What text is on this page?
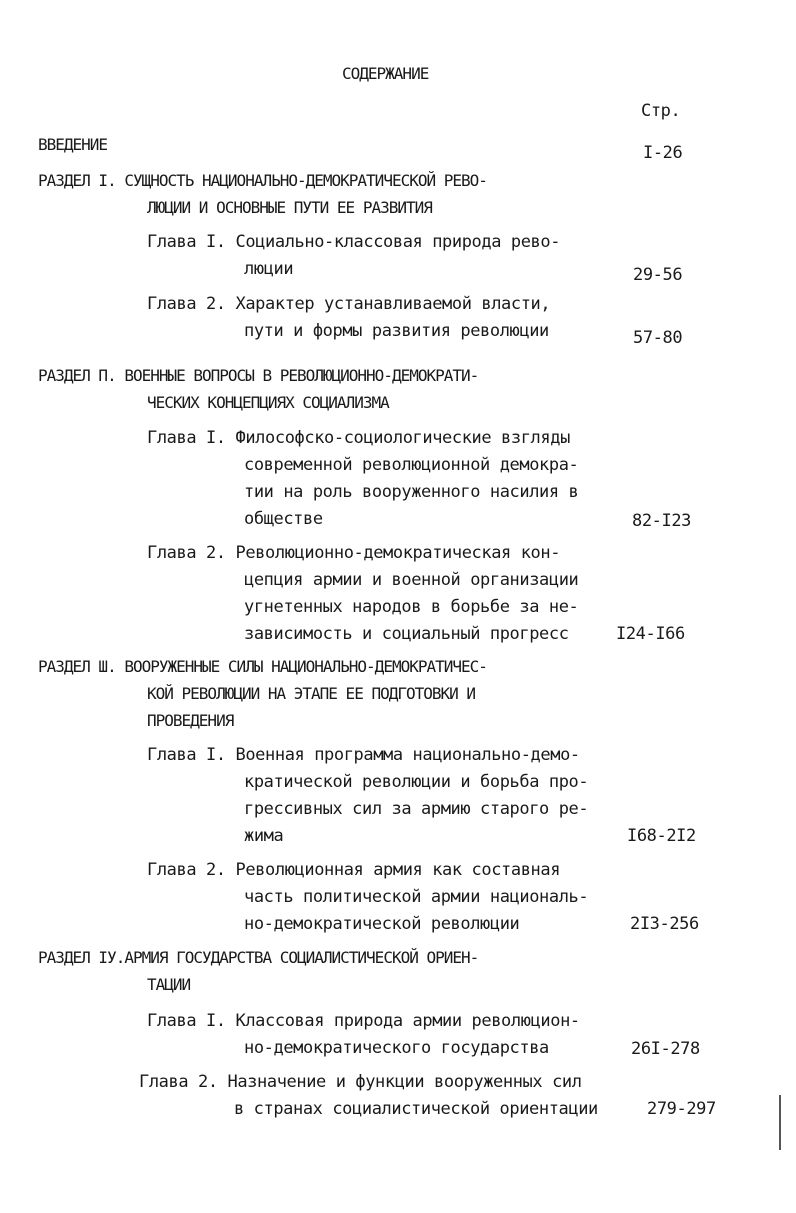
СОДЕРЖАНИЕ
Стр.
ВВЕДЕНИЕ	I-26
РАЗДЕЛ I. СУЩНОСТЬ НАЦИОНАЛЬНО-ДЕМОКРАТИЧЕСКОЙ РЕВО-
ЛЮЦИИ И ОСНОВНЫЕ ПУТИ ЕЕ РАЗВИТИЯ
Глава I. Социально-классовая природа рево-
люции	29-56
Глава 2. Характер устанавливаемой власти,
пути и формы развития революции	57-80
РАЗДЕЛ П. ВОЕННЫЕ ВОПРОСЫ В РЕВОЛЮЦИОННО-ДЕМОКРАТИ-
ЧЕСКИХ КОНЦЕПЦИЯХ СОЦИАЛИЗМА
Глава I. Философско-социологические взгляды
современной революционной демокра-
тии на роль вооруженного насилия в
обществе	82-I23
Глава 2. Революционно-демократическая кон-
цепция армии и военной организации
угнетенных народов в борьбе за не-
зависимость и социальный прогресс	I24-I66
РАЗДЕЛ Ш. ВООРУЖЕННЫЕ СИЛЫ НАЦИОНАЛЬНО-ДЕМОКРАТИЧЕС-
КОЙ РЕВОЛЮЦИИ НА ЭТАПЕ ЕЕ ПОДГОТОВКИ И
ПРОВЕДЕНИЯ
Глава I. Военная программа национально-демо-
кратической революции и борьба про-
грессивных сил за армию старого ре-
жима	I68-2I2
Глава 2. Революционная армия как составная
часть политической армии националь-
но-демократической революции	2I3-256
РАЗДЕЛ IУ.АРМИЯ ГОСУДАРСТВА СОЦИАЛИСТИЧЕСКОЙ ОРИЕН-
ТАЦИИ
Глава I. Классовая природа армии революцион-
но-демократического государства	26I-278
Глава 2. Назначение и функции вооруженных сил
в странах социалистической ориентации	279-297
